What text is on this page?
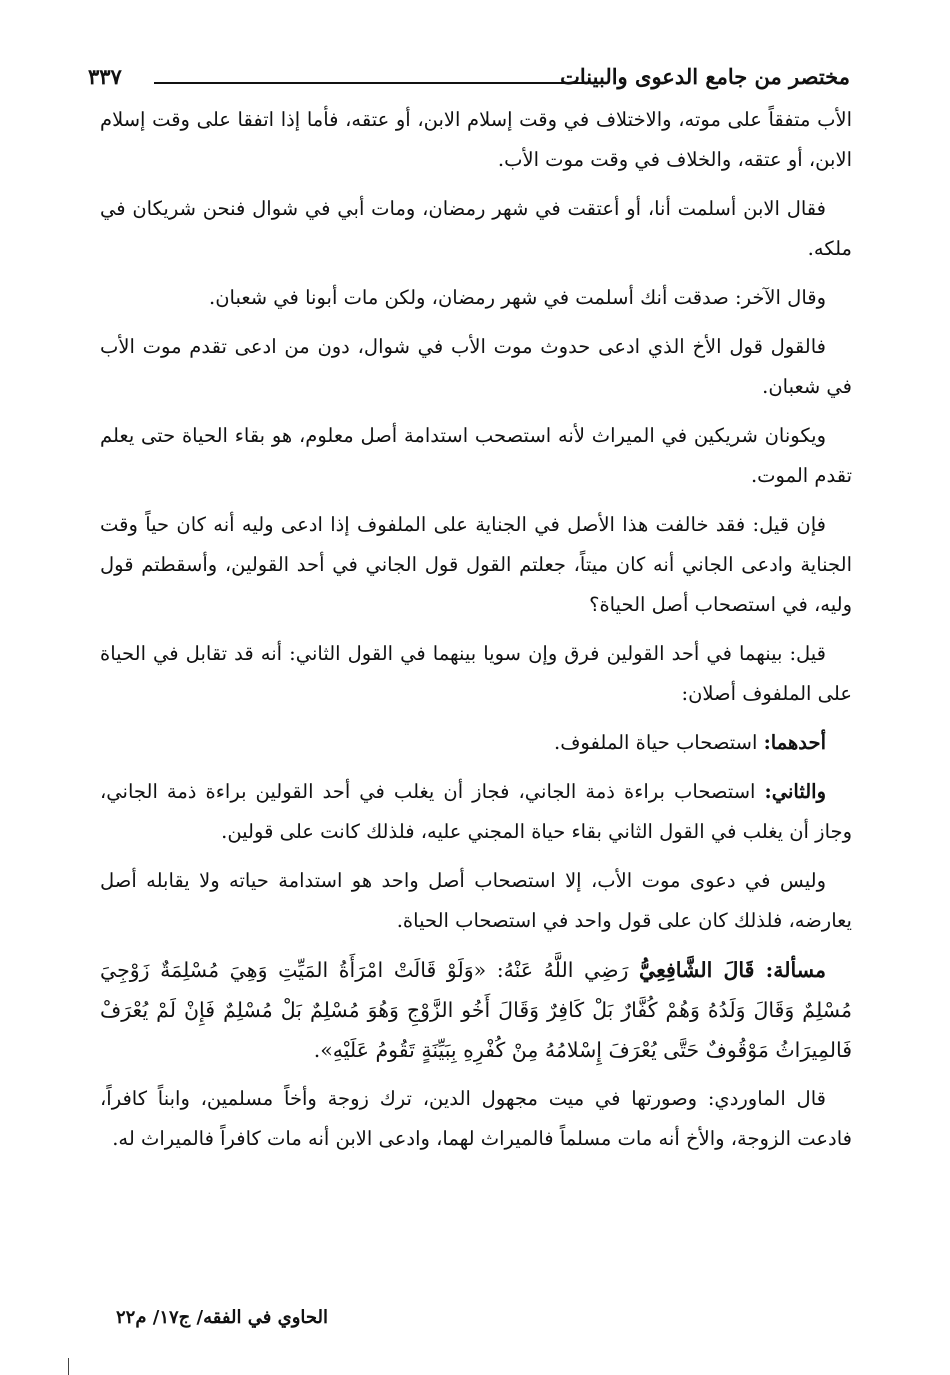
مختصر من جامع الدعوى والبينات
٣٣٧

الأب متفقاً على موته، والاختلاف في وقت إسلام الابن، أو عتقه، فأما إذا اتفقا على وقت إسلام الابن، أو عتقه، والخلاف في وقت موت الأب.

فقال الابن أسلمت أنا، أو أعتقت في شهر رمضان، ومات أبي في شوال فنحن شريكان في ملكه.

وقال الآخر: صدقت أنك أسلمت في شهر رمضان، ولكن مات أبونا في شعبان.

فالقول قول الأخ الذي ادعى حدوث موت الأب في شوال، دون من ادعى تقدم موت الأب في شعبان.

ويكونان شريكين في الميراث لأنه استصحب استدامة أصل معلوم، هو بقاء الحياة حتى يعلم تقدم الموت.

فإن قيل: فقد خالفت هذا الأصل في الجناية على الملفوف إذا ادعى وليه أنه كان حياً وقت الجناية وادعى الجاني أنه كان ميتاً، جعلتم القول قول الجاني في أحد القولين، وأسقطتم قول وليه، في استصحاب أصل الحياة؟

قيل: بينهما في أحد القولين فرق وإن سويا بينهما في القول الثاني: أنه قد تقابل في الحياة على الملفوف أصلان:

أحدهما: استصحاب حياة الملفوف.

والثاني: استصحاب براءة ذمة الجاني، فجاز أن يغلب في أحد القولين براءة ذمة الجاني، وجاز أن يغلب في القول الثاني بقاء حياة المجني عليه، فلذلك كانت على قولين.

وليس في دعوى موت الأب، إلا استصحاب أصل واحد هو استدامة حياته ولا يقابله أصل يعارضه، فلذلك كان على قول واحد في استصحاب الحياة.

مسألة: قَالَ الشَّافِعِيُّ رَضِي اللَّهُ عَنْهُ: «وَلَوْ قَالَتْ امْرَأَةُ المَيِّتِ وَهِيَ مُسْلِمَةٌ زَوْجِيَ مُسْلِمٌ وَقَالَ وَلَدُهُ وَهُمْ كُفَّارٌ بَلْ كَافِرٌ وَقَالَ أَخُو الزَّوْجِ وَهُوَ مُسْلِمٌ بَلْ مُسْلِمٌ فَإِنْ لَمْ يُعْرَفْ فَالمِيرَاثُ مَوْقُوفٌ حَتَّى يُعْرَفَ إِسْلامُهُ مِنْ كُفْرِهِ بِبَيِّنَةٍ تَقُومُ عَلَيْهِ».

قال الماوردي: وصورتها في ميت مجهول الدين، ترك زوجة وأخاً مسلمين، وابناً كافراً، فادعت الزوجة، والأخ أنه مات مسلماً فالميراث لهما، وادعى الابن أنه مات كافراً فالميراث له.

الحاوي في الفقه/ ج١٧/ م٢٢
